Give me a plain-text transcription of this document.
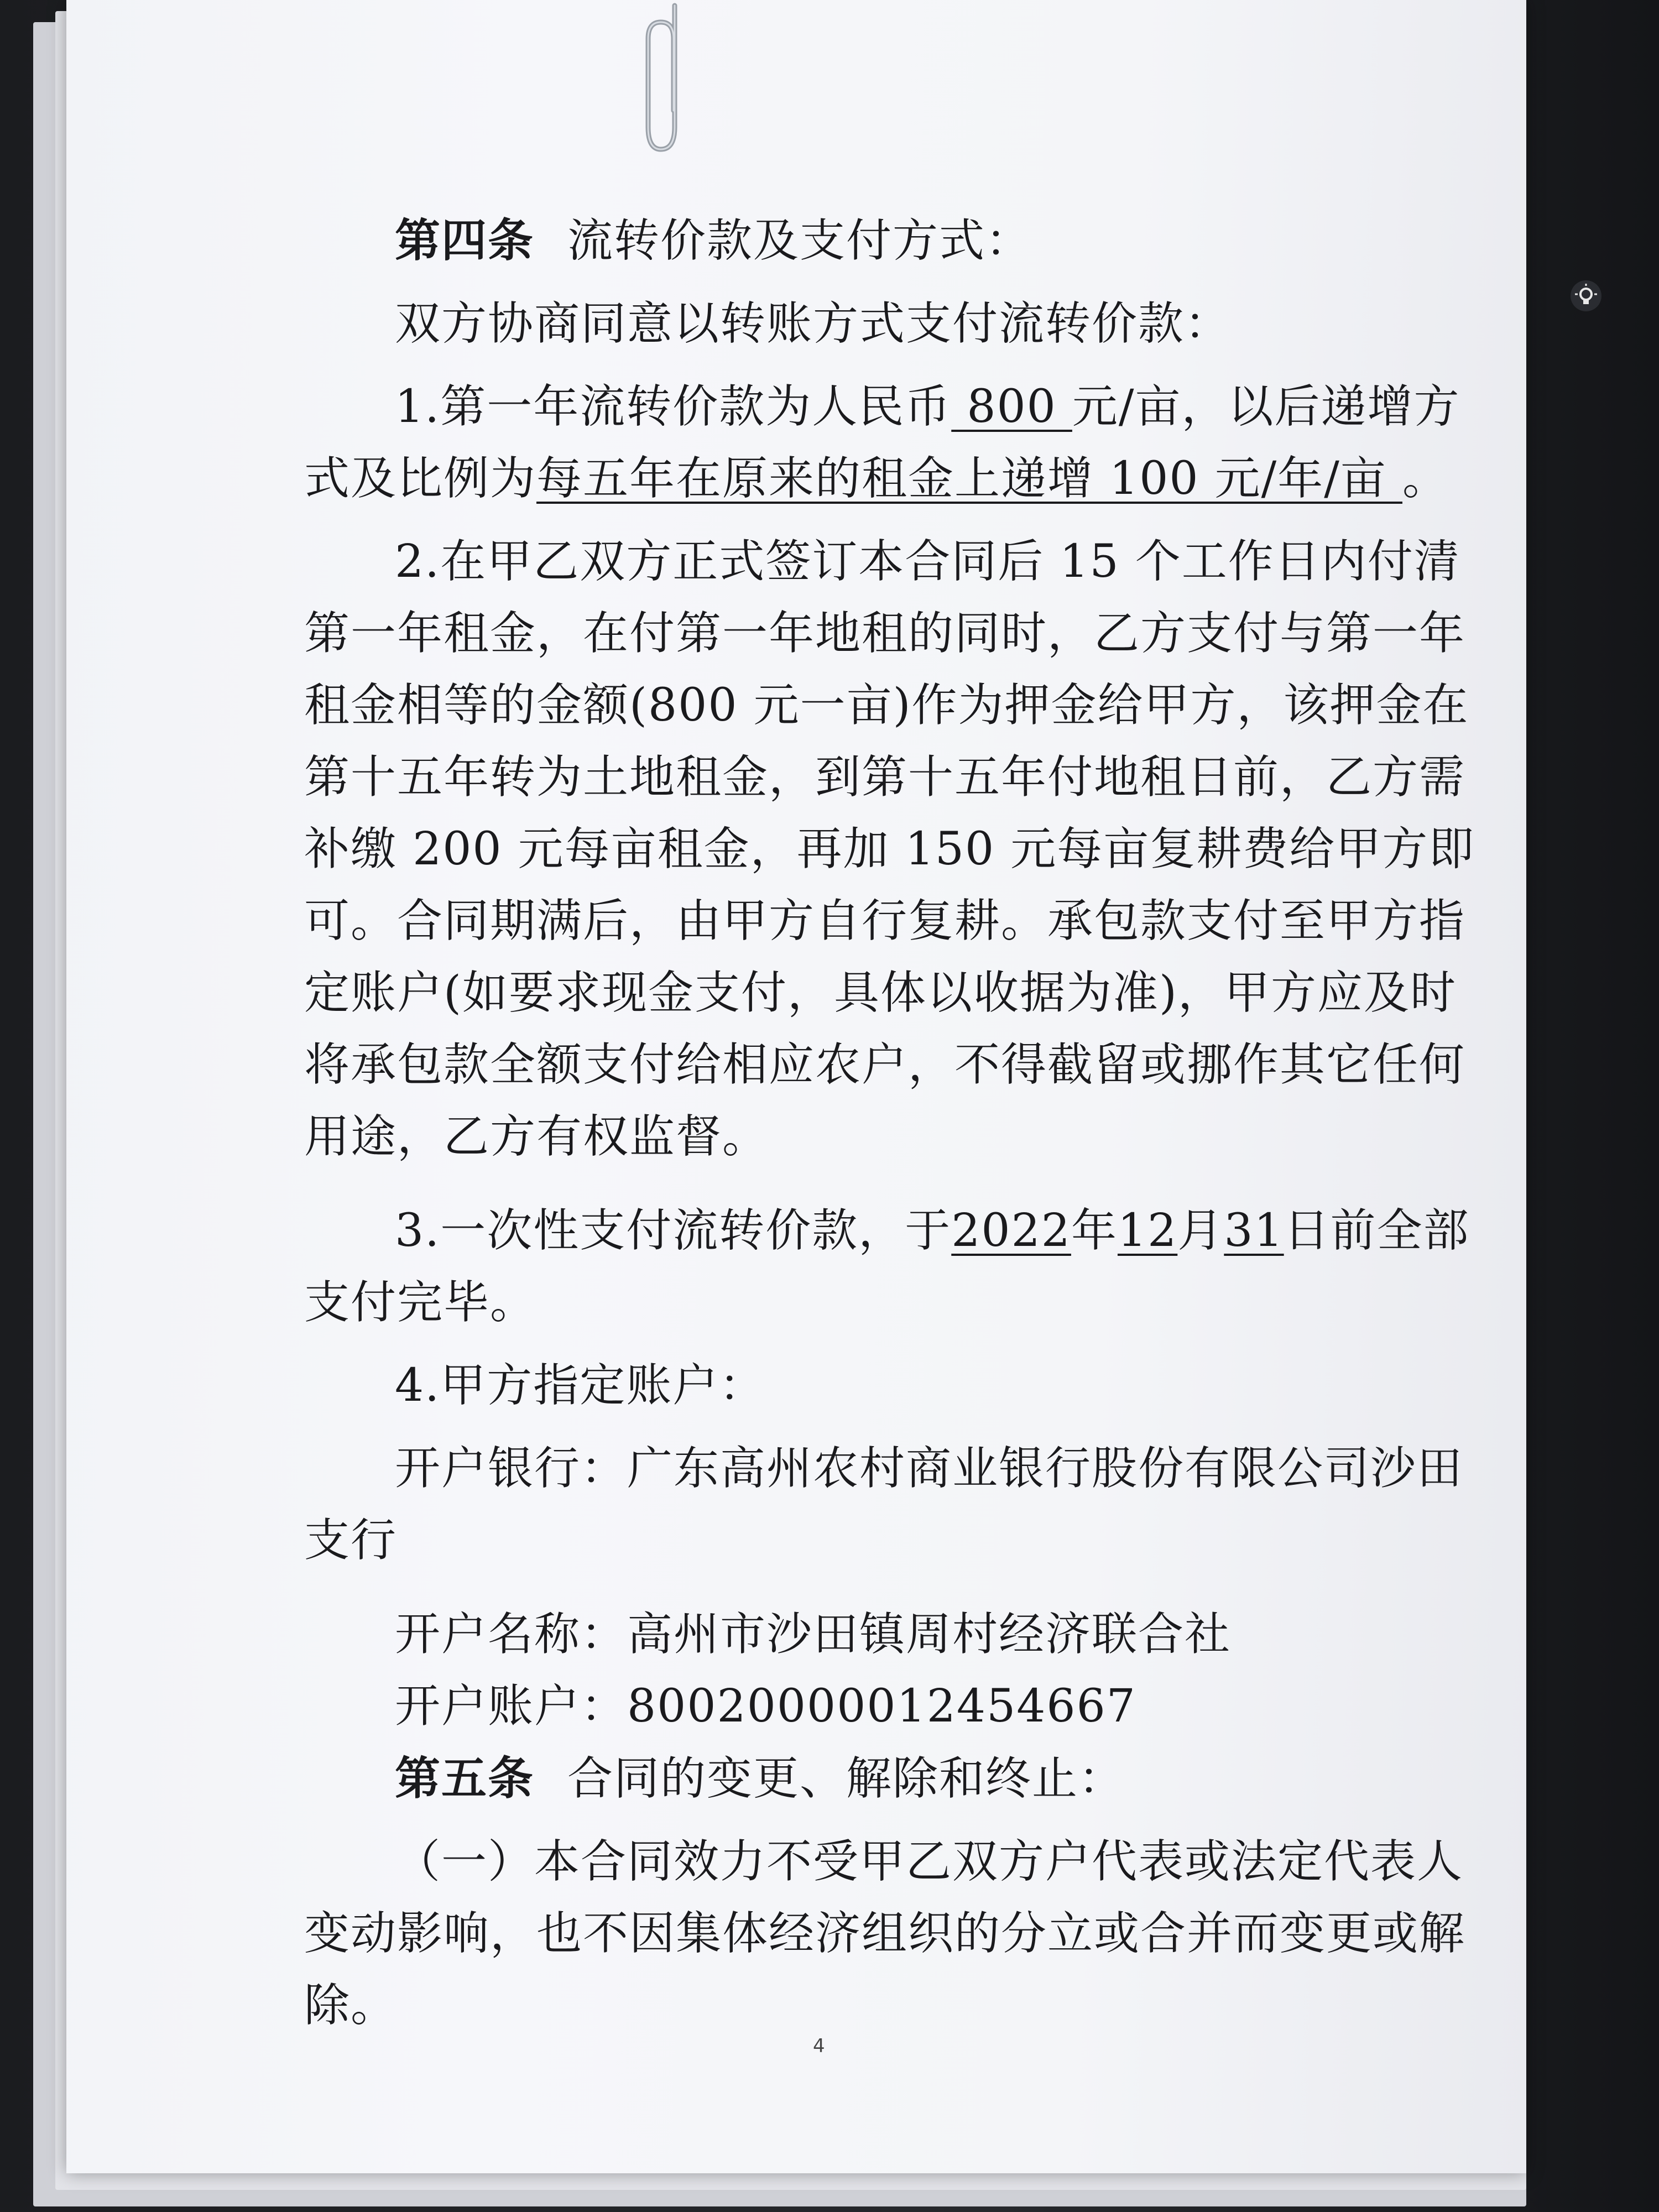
第四条 流转价款及支付方式：

双方协商同意以转账方式支付流转价款：

1.第一年流转价款为人民币 800 元/亩，以后递增方式及比例为每五年在原来的租金上递增 100 元/年/亩 。

2.在甲乙双方正式签订本合同后 15 个工作日内付清第一年租金，在付第一年地租的同时，乙方支付与第一年租金相等的金额(800 元一亩)作为押金给甲方，该押金在第十五年转为土地租金，到第十五年付地租日前，乙方需补缴 200 元每亩租金，再加 150 元每亩复耕费给甲方即可。合同期满后，由甲方自行复耕。承包款支付至甲方指定账户(如要求现金支付，具体以收据为准)，甲方应及时将承包款全额支付给相应农户，不得截留或挪作其它任何用途，乙方有权监督。

3.一次性支付流转价款，于2022年12月31日前全部支付完毕。

4.甲方指定账户：

开户银行：广东高州农村商业银行股份有限公司沙田支行

开户名称：高州市沙田镇周村经济联合社

开户账户：80020000012454667

第五条 合同的变更、解除和终止：

（一）本合同效力不受甲乙双方户代表或法定代表人变动影响，也不因集体经济组织的分立或合并而变更或解除。

4
